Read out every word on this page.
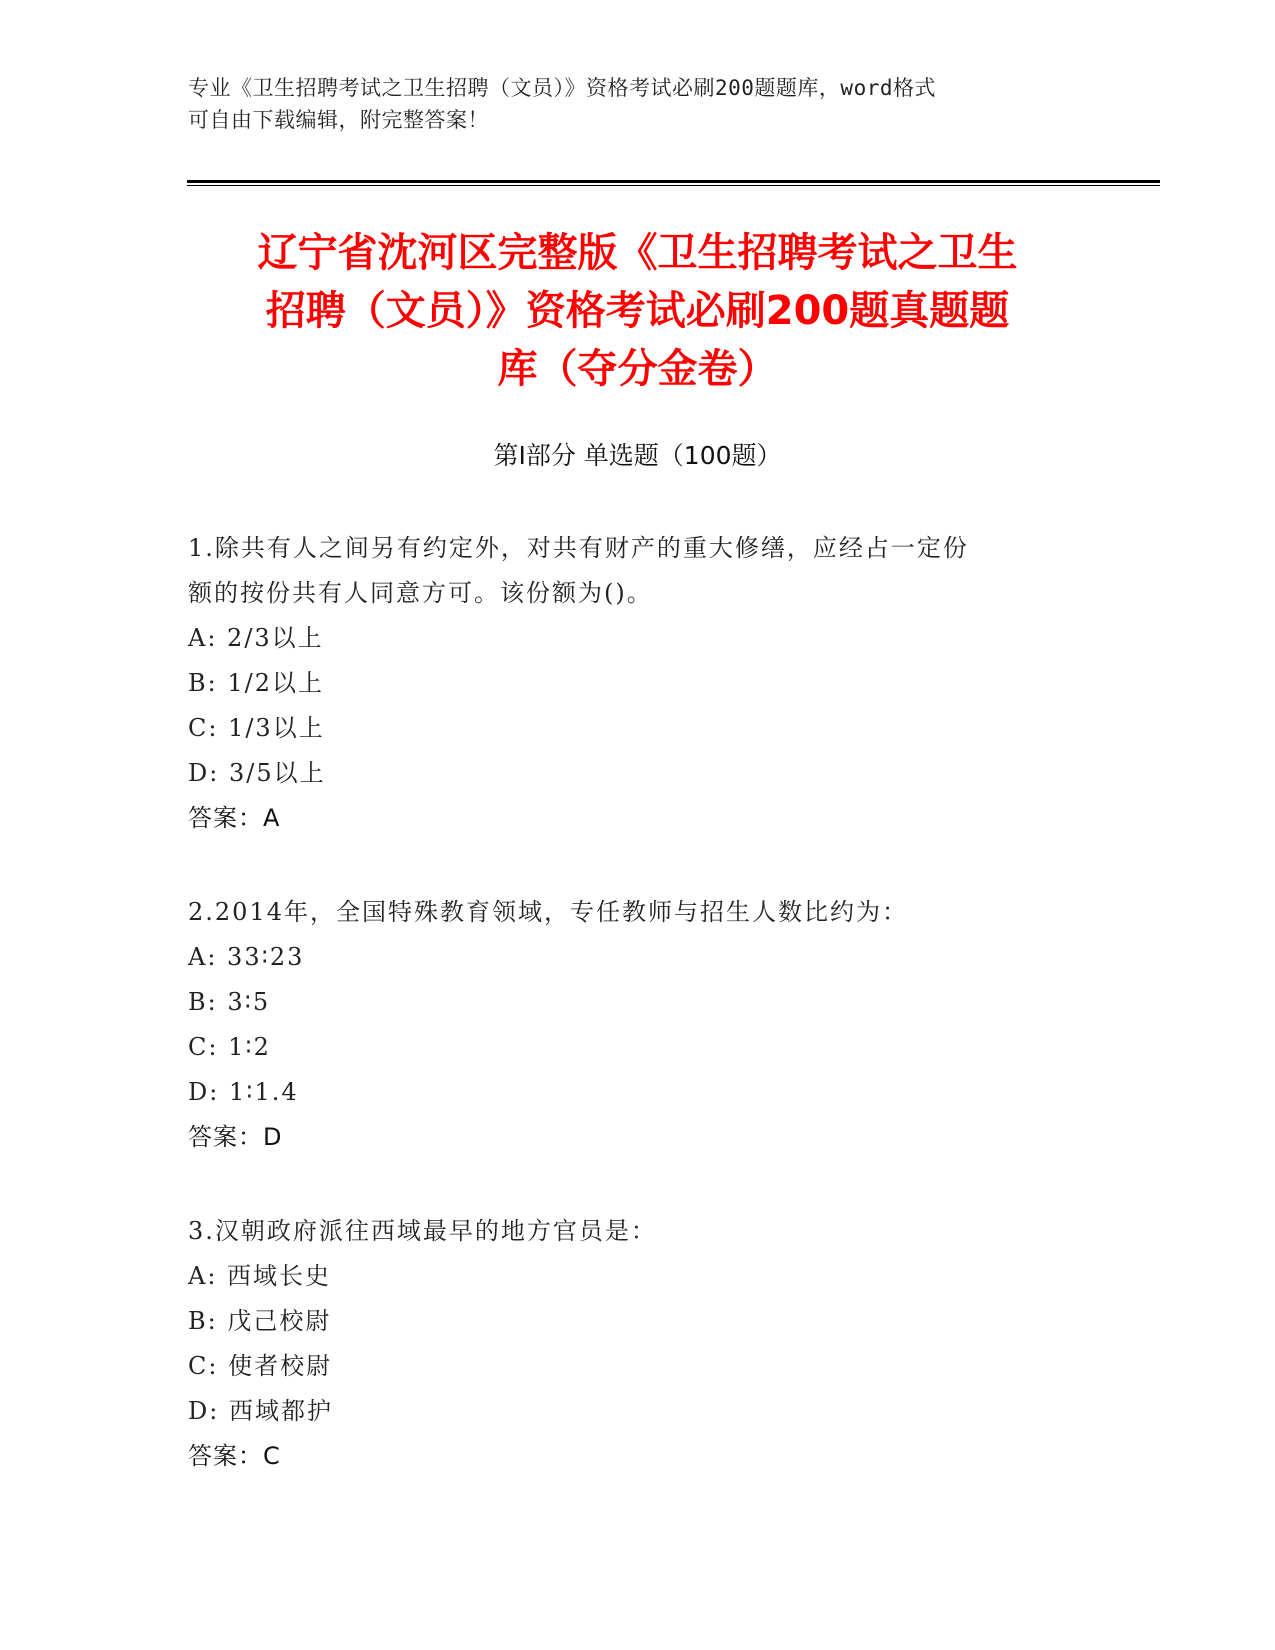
专业《卫生招聘考试之卫生招聘（文员）》资格考试必刷200题题库，word格式
可自由下载编辑，附完整答案！
辽宁省沈河区完整版《卫生招聘考试之卫生
招聘（文员）》资格考试必刷200题真题题
库（夺分金卷）
第Ⅰ部分 单选题（100题）
1.除共有人之间另有约定外，对共有财产的重大修缮，应经占一定份
额的按份共有人同意方可。该份额为()。
A: 2/3以上
B: 1/2以上
C: 1/3以上
D: 3/5以上
答案：A
2.2014年，全国特殊教育领域，专任教师与招生人数比约为：
A: 33∶23
B: 3∶5
C: 1∶2
D: 1∶1.4
答案：D
3.汉朝政府派往西域最早的地方官员是：
A: 西域长史
B: 戊己校尉
C: 使者校尉
D: 西域都护
答案：C
